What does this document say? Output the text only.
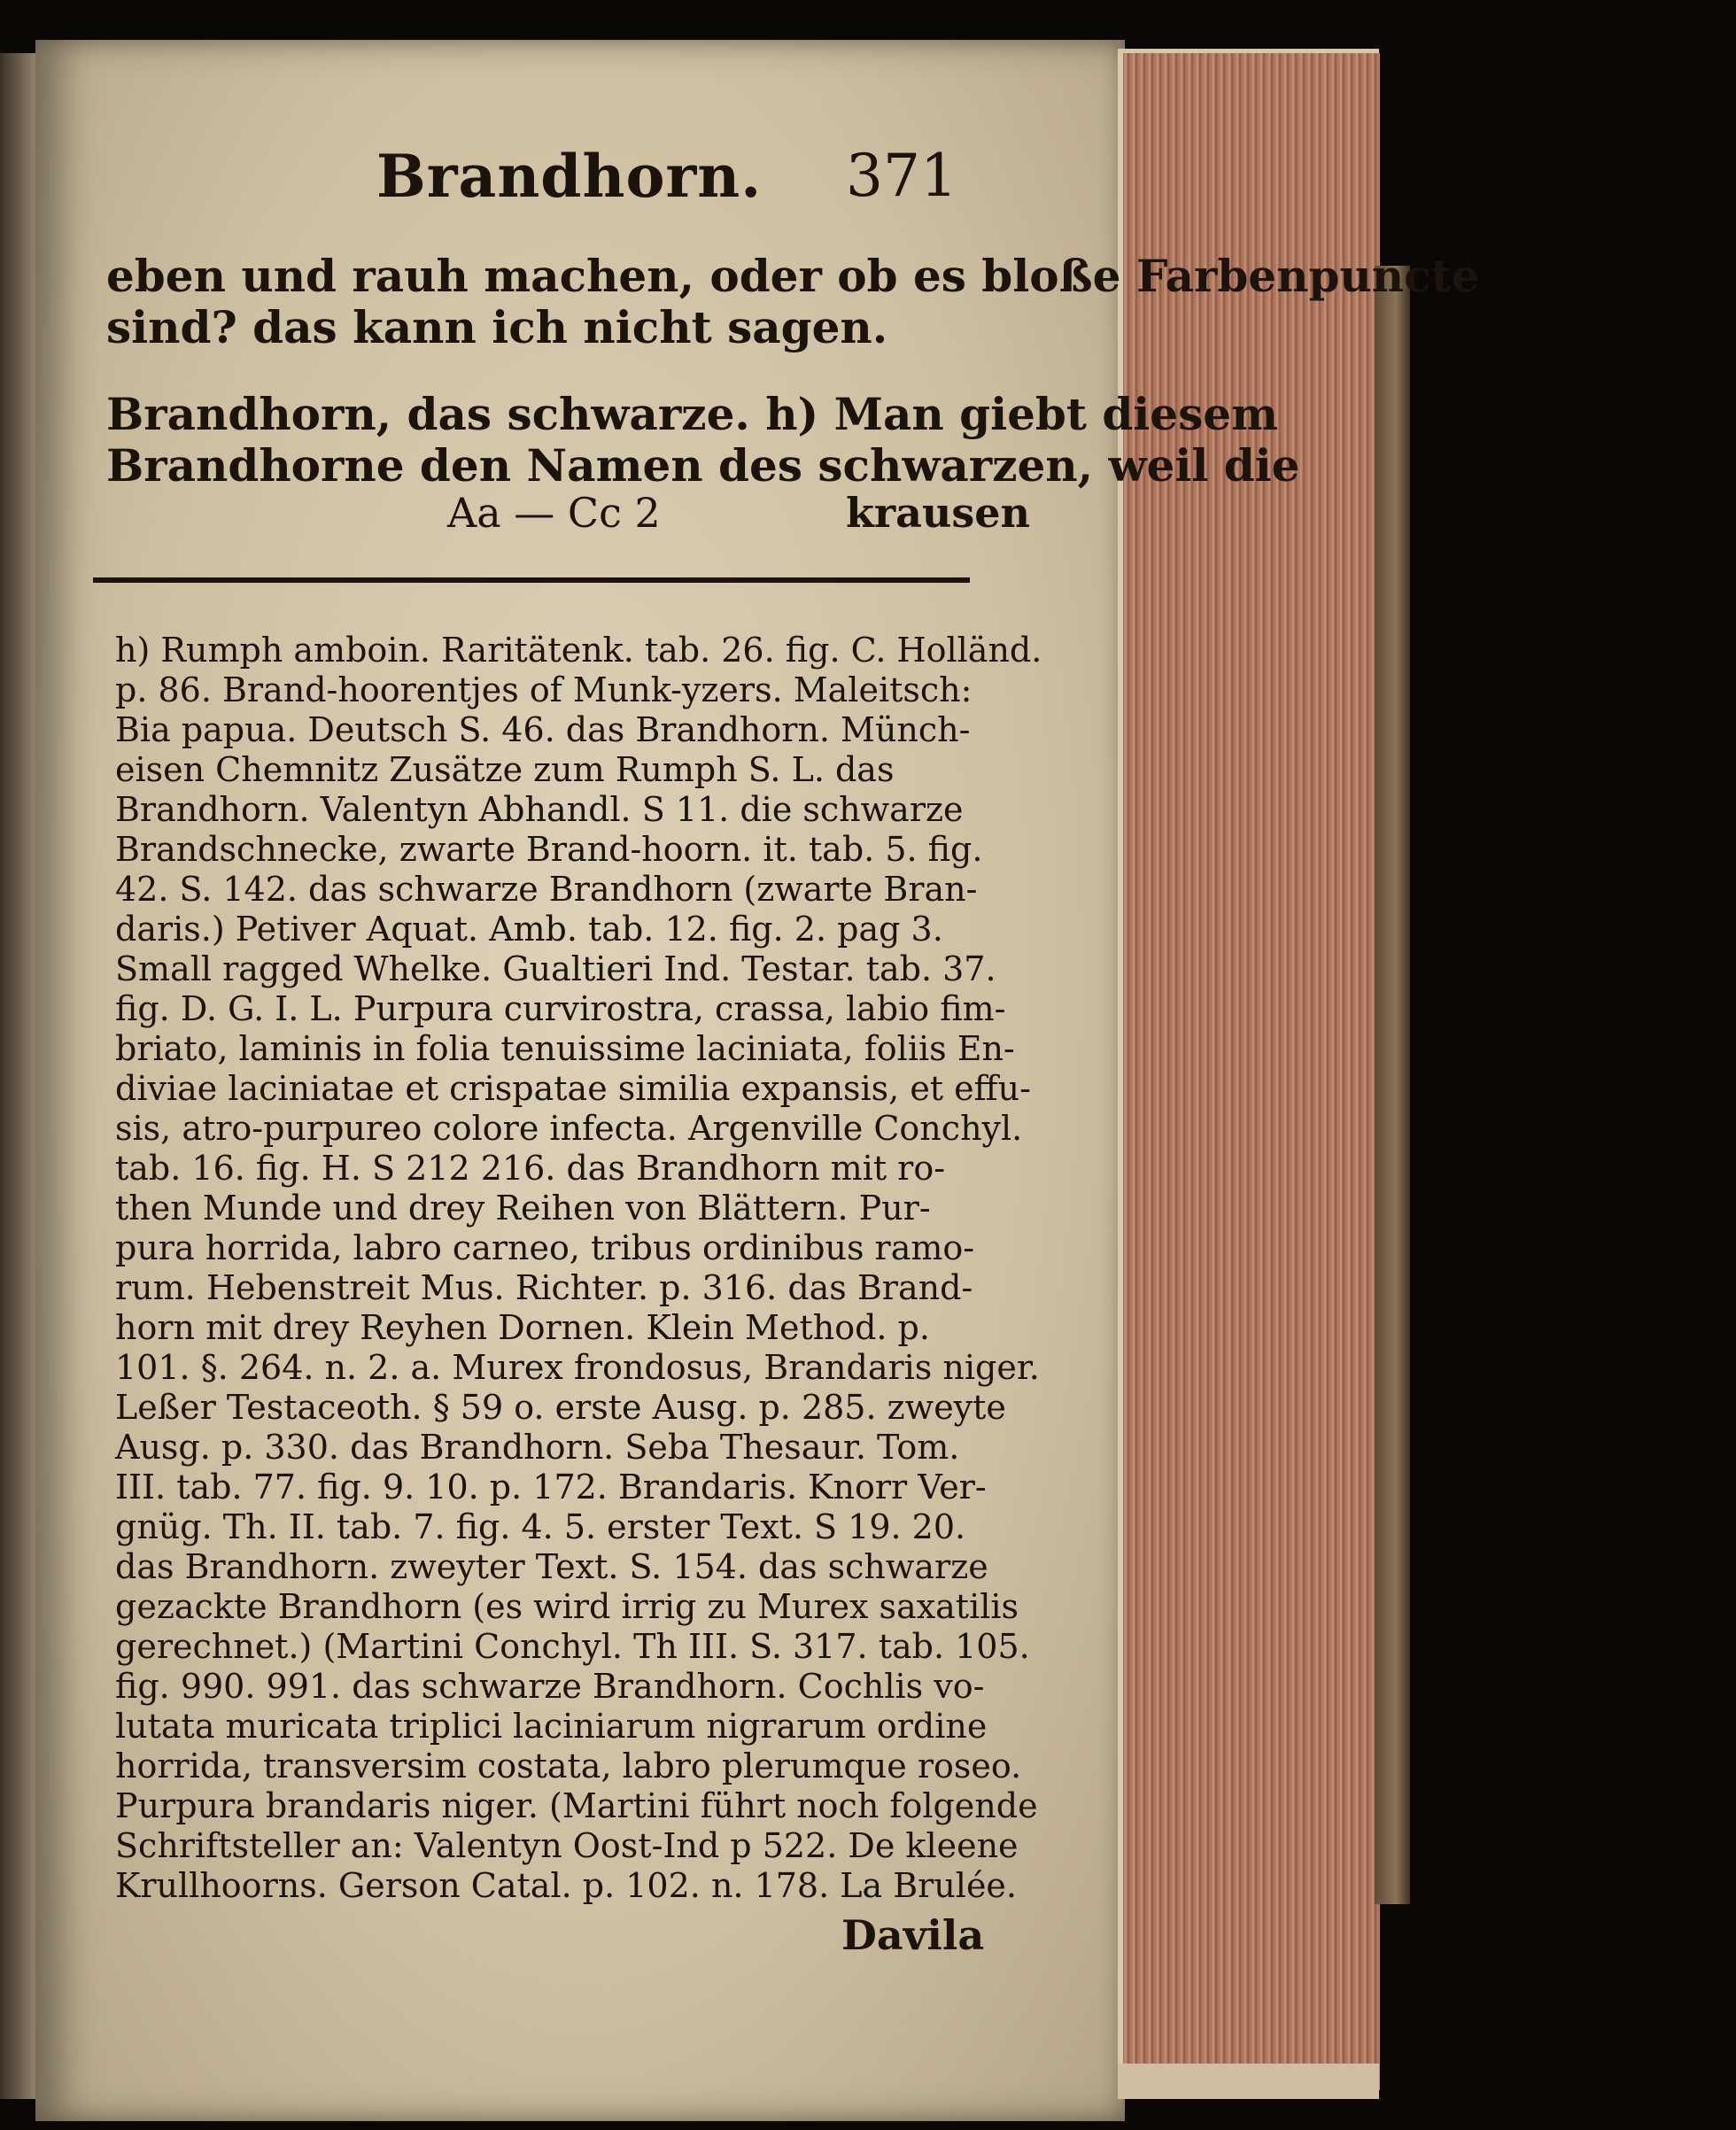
Brandhorn. 371

eben und rauh machen, oder ob es bloße Farbenpuncte

sind? das kann ich nicht sagen.

Brandhorn, das schwarze. h) Man giebt diesem

Brandhorne den Namen des schwarzen, weil die

Aa — Cc 2	krausen

h) Rumph amboin. Raritätenk. tab. 26. fig. C. Holländ.

p. 86. Brand-hoorentjes of Munk-yzers. Maleitsch:

Bia papua. Deutsch S. 46. das Brandhorn. Münch-

eisen Chemnitz Zusätze zum Rumph S. L. das

Brandhorn. Valentyn Abhandl. S 11. die schwarze

Brandschnecke, zwarte Brand-hoorn. it. tab. 5. fig.

42. S. 142. das schwarze Brandhorn (zwarte Bran-

daris.) Petiver Aquat. Amb. tab. 12. fig. 2. pag 3.

Small ragged Whelke. Gualtieri Ind. Testar. tab. 37.

fig. D. G. I. L. Purpura curvirostra, crassa, labio fim-

briato, laminis in folia tenuissime laciniata, foliis En-

diviae laciniatae et crispatae similia expansis, et effu-

sis, atro-purpureo colore infecta. Argenville Conchyl.

tab. 16. fig. H. S 212 216. das Brandhorn mit ro-

then Munde und drey Reihen von Blättern. Pur-

pura horrida, labro carneo, tribus ordinibus ramo-

rum. Hebenstreit Mus. Richter. p. 316. das Brand-

horn mit drey Reyhen Dornen. Klein Method. p.

101. §. 264. n. 2. a. Murex frondosus, Brandaris niger.

Leßer Testaceoth. § 59 o. erste Ausg. p. 285. zweyte

Ausg. p. 330. das Brandhorn. Seba Thesaur. Tom.

III. tab. 77. fig. 9. 10. p. 172. Brandaris. Knorr Ver-

gnüg. Th. II. tab. 7. fig. 4. 5. erster Text. S 19. 20.

das Brandhorn. zweyter Text. S. 154. das schwarze

gezackte Brandhorn (es wird irrig zu Murex saxatilis

gerechnet.) (Martini Conchyl. Th III. S. 317. tab. 105.

fig. 990. 991. das schwarze Brandhorn. Cochlis vo-

lutata muricata triplici laciniarum nigrarum ordine

horrida, transversim costata, labro plerumque roseo.

Purpura brandaris niger. (Martini führt noch folgende

Schriftsteller an: Valentyn Oost-Ind p 522. De kleene

Krullhoorns. Gerson Catal. p. 102. n. 178. La Brulée.

Davila
